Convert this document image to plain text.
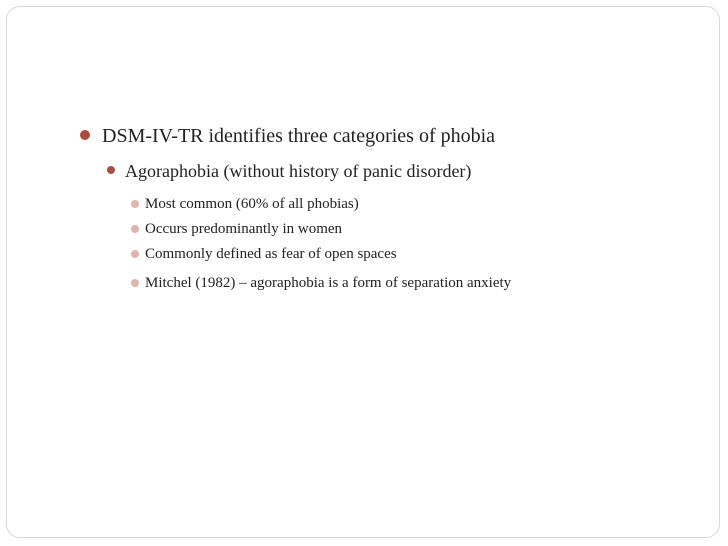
DSM-IV-TR identifies three categories of phobia
Agoraphobia (without history of panic disorder)
Most common (60% of all phobias)
Occurs predominantly in women
Commonly defined as fear of open spaces
Mitchel (1982) – agoraphobia is a form of separation anxiety
